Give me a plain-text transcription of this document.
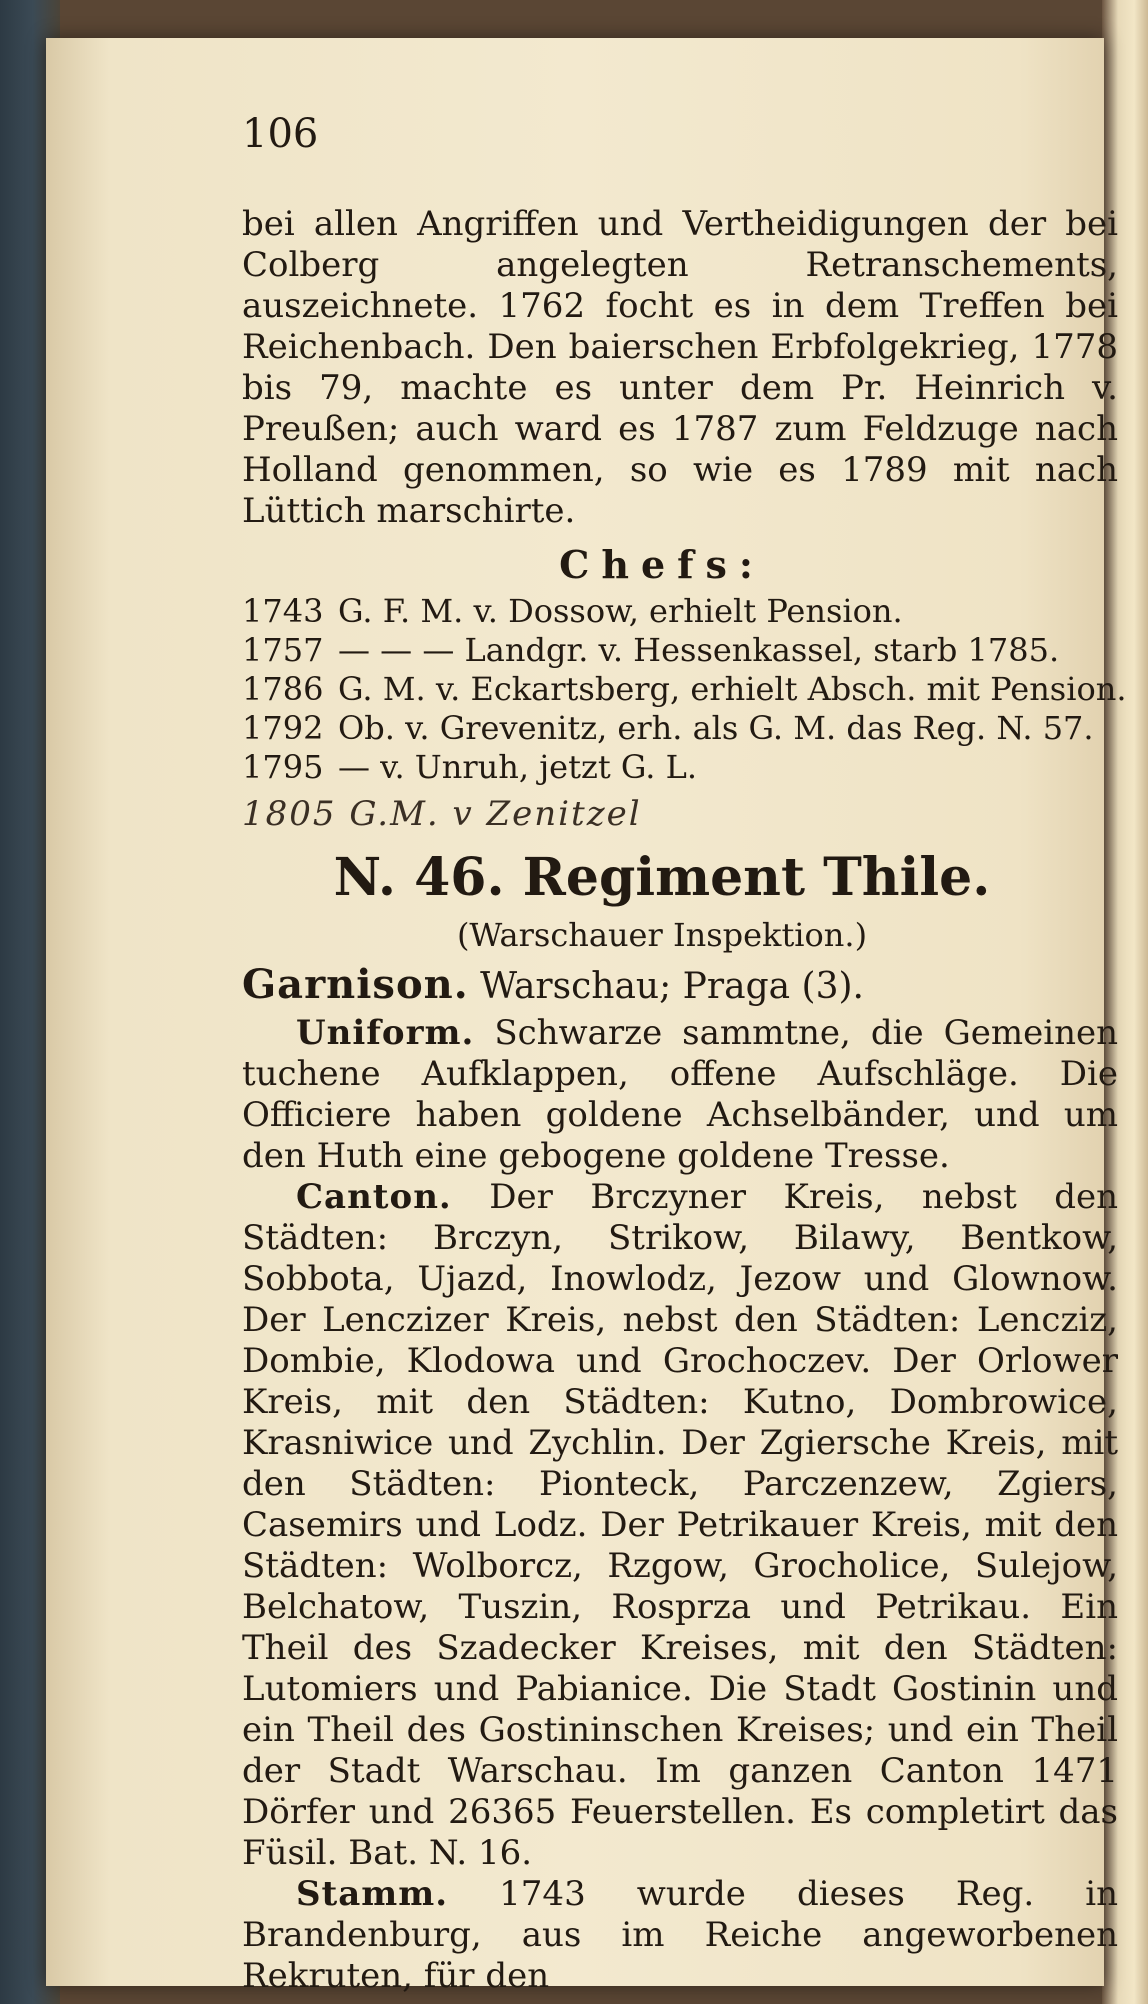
106

bei allen Angriffen und Vertheidigungen der bei Colberg angelegten Retranschements, auszeichnete. 1762 focht es in dem Treffen bei Reichenbach. Den baierschen Erbfolgekrieg, 1778 bis 79, machte es unter dem Pr. Heinrich v. Preußen; auch ward es 1787 zum Feldzuge nach Holland genommen, so wie es 1789 mit nach Lüttich marschirte.

Chefs:
1743 G. F. M. v. Dossow, erhielt Pension.
1757 — — — Landgr. v. Hessenkassel, starb 1785.
1786 G. M. v. Eckartsberg, erhielt Absch. mit Pension.
1792 Ob. v. Grevenitz, erh. als G. M. das Reg. N. 57.
1795 — v. Unruh, jetzt G. L.
1805 G.M. v Zenitzel
N. 46. Regiment Thile.
(Warschauer Inspektion.)
Garnison. Warschau; Praga (3).

Uniform. Schwarze sammtne, die Gemeinen tuchene Aufklappen, offene Aufschläge. Die Officiere haben goldene Achselbänder, und um den Huth eine gebogene goldene Tresse.

Canton. Der Brczyner Kreis, nebst den Städten: Brczyn, Strikow, Bilawy, Bentkow, Sobbota, Ujazd, Inowlodz, Jezow und Glownow. Der Lenczizer Kreis, nebst den Städten: Lencziz, Dombie, Klodowa und Grochoczev. Der Orlower Kreis, mit den Städten: Kutno, Dombrowice, Krasniwice und Zychlin. Der Zgiersche Kreis, mit den Städten: Pionteck, Parczenzew, Zgiers, Casemirs und Lodz. Der Petrikauer Kreis, mit den Städten: Wolborcz, Rzgow, Grocholice, Sulejow, Belchatow, Tuszin, Rosprza und Petrikau. Ein Theil des Szadecker Kreises, mit den Städten: Lutomiers und Pabianice. Die Stadt Gostinin und ein Theil des Gostininschen Kreises; und ein Theil der Stadt Warschau. Im ganzen Canton 1471 Dörfer und 26365 Feuerstellen. Es completirt das Füsil. Bat. N. 16.

Stamm. 1743 wurde dieses Reg. in Brandenburg, aus im Reiche angeworbenen Rekruten, für den
